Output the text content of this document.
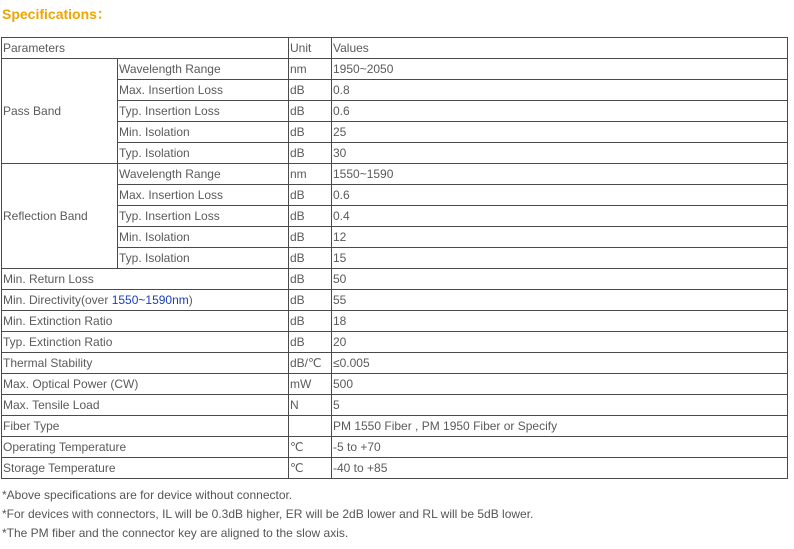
Specifications：
Parameters		Unit	Values
Pass Band	Wavelength Range	nm	1950~2050
	Max. Insertion Loss	dB	0.8
	Typ. Insertion Loss	dB	0.6
	Min. Isolation	dB	25
	Typ. Isolation	dB	30
Reflection Band	Wavelength Range	nm	1550~1590
	Max. Insertion Loss	dB	0.6
	Typ. Insertion Loss	dB	0.4
	Min. Isolation	dB	12
	Typ. Isolation	dB	15
Min. Return Loss		dB	50
Min. Directivity(over 1550~1590nm)		dB	55
Min. Extinction Ratio		dB	18
Typ. Extinction Ratio		dB	20
Thermal Stability		dB/℃	≤0.005
Max. Optical Power (CW)		mW	500
Max. Tensile Load		N	5
Fiber Type			PM 1550 Fiber , PM 1950 Fiber or Specify
Operating Temperature		℃	-5 to +70
Storage Temperature		℃	-40 to +85
*Above specifications are for device without connector.
*For devices with connectors, IL will be 0.3dB higher, ER will be 2dB lower and RL will be 5dB lower.
*The PM fiber and the connector key are aligned to the slow axis.
